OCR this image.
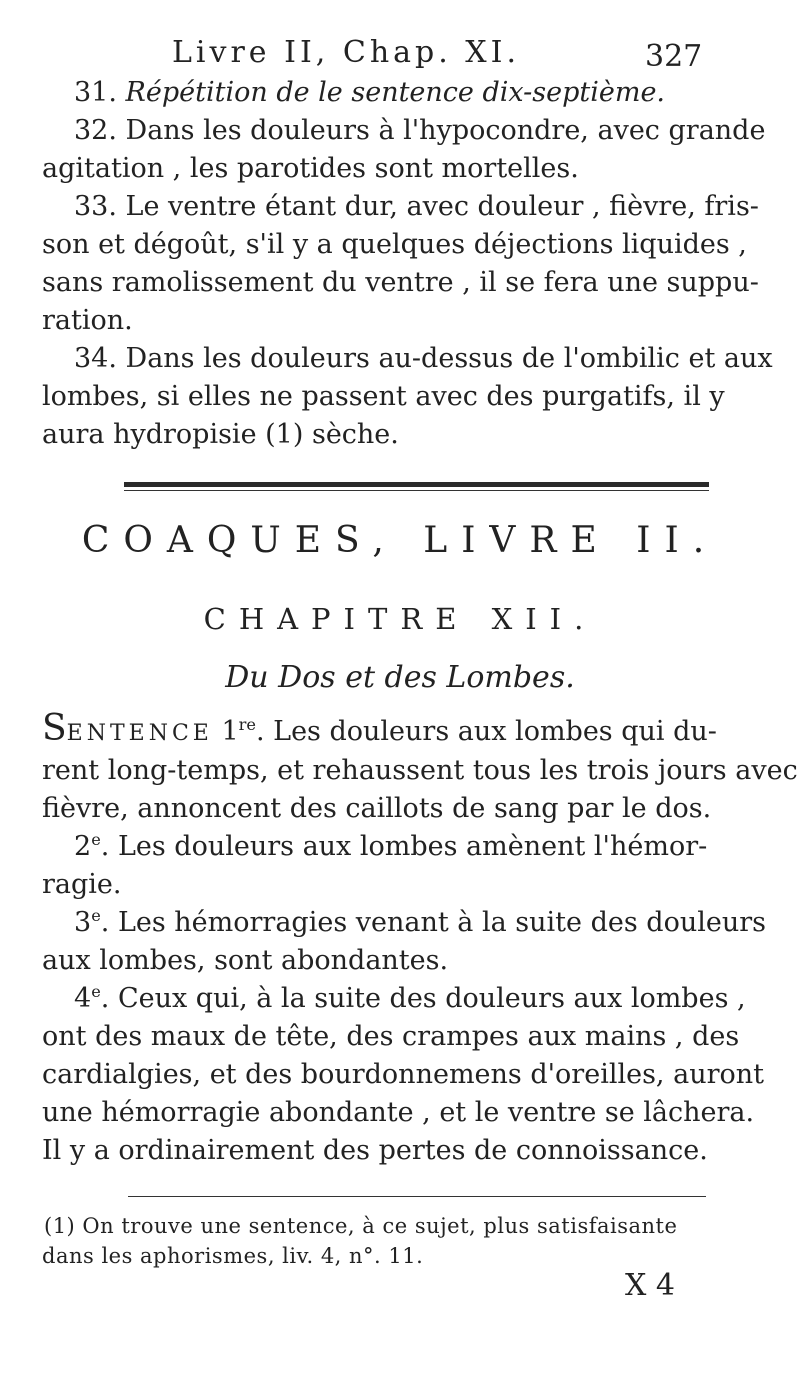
Livre II, Chap. XI.	327
31. Répétition de le sentence dix-septième.
32. Dans les douleurs à l'hypocondre, avec grande
agitation , les parotides sont mortelles.
33. Le ventre étant dur, avec douleur , fièvre, fris-
son et dégoût, s'il y a quelques déjections liquides ,
sans ramolissement du ventre , il se fera une suppu-
ration.
34. Dans les douleurs au-dessus de l'ombilic et aux
lombes, si elles ne passent avec des purgatifs, il y
aura hydropisie (1) sèche.
COAQUES, LIVRE II.
CHAPITRE XII.
Du Dos et des Lombes.
SENTENCE 1re. Les douleurs aux lombes qui du-
rent long-temps, et rehaussent tous les trois jours avec
fièvre, annoncent des caillots de sang par le dos.
2e. Les douleurs aux lombes amènent l'hémor-
ragie.
3e. Les hémorragies venant à la suite des douleurs
aux lombes, sont abondantes.
4e. Ceux qui, à la suite des douleurs aux lombes ,
ont des maux de tête, des crampes aux mains , des
cardialgies, et des bourdonnemens d'oreilles, auront
une hémorragie abondante , et le ventre se lâchera.
Il y a ordinairement des pertes de connoissance.
(1) On trouve une sentence, à ce sujet, plus satisfaisante
dans les aphorismes, liv. 4, n°. 11.
X 4
